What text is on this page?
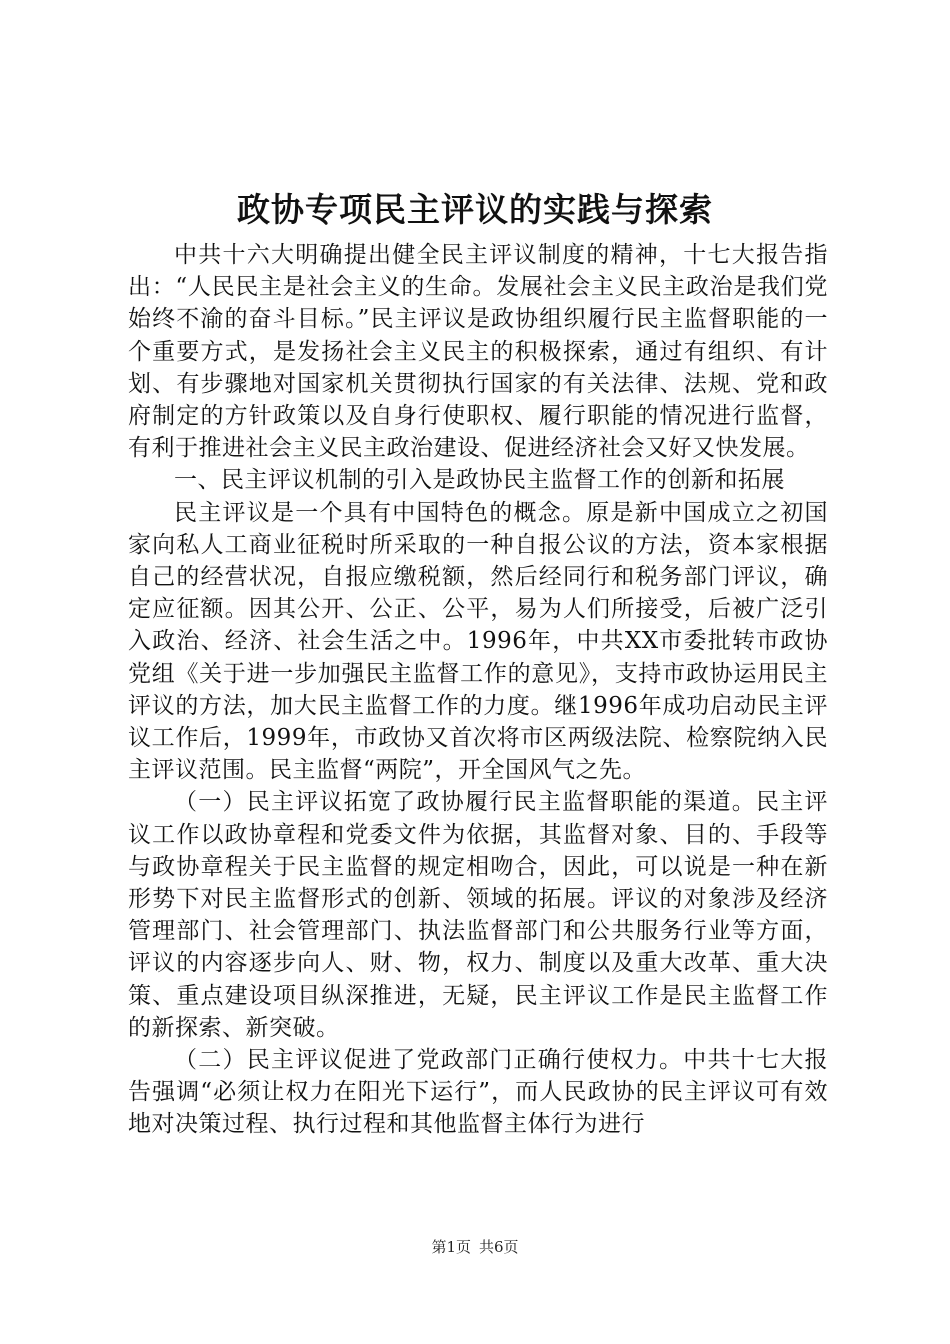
政协专项民主评议的实践与探索

中共十六大明确提出健全民主评议制度的精神，十七大报告指出：“人民民主是社会主义的生命。发展社会主义民主政治是我们党始终不渝的奋斗目标。”民主评议是政协组织履行民主监督职能的一个重要方式，是发扬社会主义民主的积极探索，通过有组织、有计划、有步骤地对国家机关贯彻执行国家的有关法律、法规、党和政府制定的方针政策以及自身行使职权、履行职能的情况进行监督，有利于推进社会主义民主政治建设、促进经济社会又好又快发展。

一、民主评议机制的引入是政协民主监督工作的创新和拓展

民主评议是一个具有中国特色的概念。原是新中国成立之初国家向私人工商业征税时所采取的一种自报公议的方法，资本家根据自己的经营状况，自报应缴税额，然后经同行和税务部门评议，确定应征额。因其公开、公正、公平，易为人们所接受，后被广泛引入政治、经济、社会生活之中。1996年，中共XX市委批转市政协党组《关于进一步加强民主监督工作的意见》，支持市政协运用民主评议的方法，加大民主监督工作的力度。继1996年成功启动民主评议工作后，1999年，市政协又首次将市区两级法院、检察院纳入民主评议范围。民主监督“两院”，开全国风气之先。

（一）民主评议拓宽了政协履行民主监督职能的渠道。民主评议工作以政协章程和党委文件为依据，其监督对象、目的、手段等与政协章程关于民主监督的规定相吻合，因此，可以说是一种在新形势下对民主监督形式的创新、领域的拓展。评议的对象涉及经济管理部门、社会管理部门、执法监督部门和公共服务行业等方面，评议的内容逐步向人、财、物，权力、制度以及重大改革、重大决策、重点建设项目纵深推进，无疑，民主评议工作是民主监督工作的新探索、新突破。

（二）民主评议促进了党政部门正确行使权力。中共十七大报告强调“必须让权力在阳光下运行”，而人民政协的民主评议可有效地对决策过程、执行过程和其他监督主体行为进行

第1页 共6页
